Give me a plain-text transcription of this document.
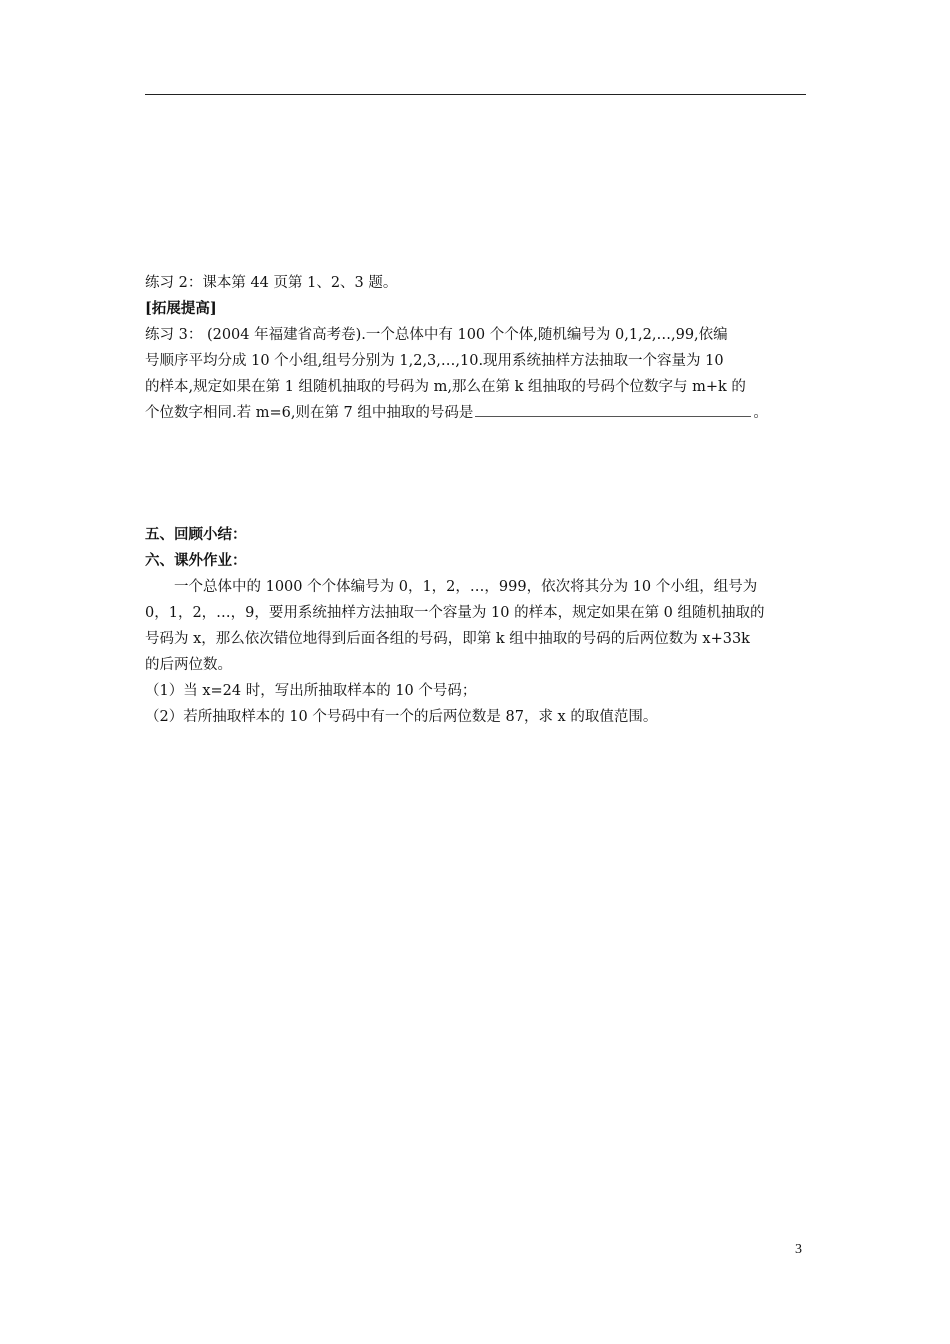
练习 2：课本第 44 页第 1、2、3 题。
[拓展提高]
练习 3： (2004 年福建省高考卷).一个总体中有 100 个个体,随机编号为 0,1,2,…,99,依编
号顺序平均分成 10 个小组,组号分别为 1,2,3,…,10.现用系统抽样方法抽取一个容量为 10
的样本,规定如果在第 1 组随机抽取的号码为 m,那么在第 k 组抽取的号码个位数字与 m+k 的
个位数字相同.若 m=6,则在第 7 组中抽取的号码是	。
五、回顾小结：
六、课外作业：
一个总体中的 1000 个个体编号为 0，1，2，…，999，依次将其分为 10 个小组，组号为
0，1，2，…，9，要用系统抽样方法抽取一个容量为 10 的样本，规定如果在第 0 组随机抽取的
号码为 x，那么依次错位地得到后面各组的号码，即第 k 组中抽取的号码的后两位数为 x+33k
的后两位数。
（1）当 x=24 时，写出所抽取样本的 10 个号码；
（2）若所抽取样本的 10 个号码中有一个的后两位数是 87，求 x 的取值范围。
3
